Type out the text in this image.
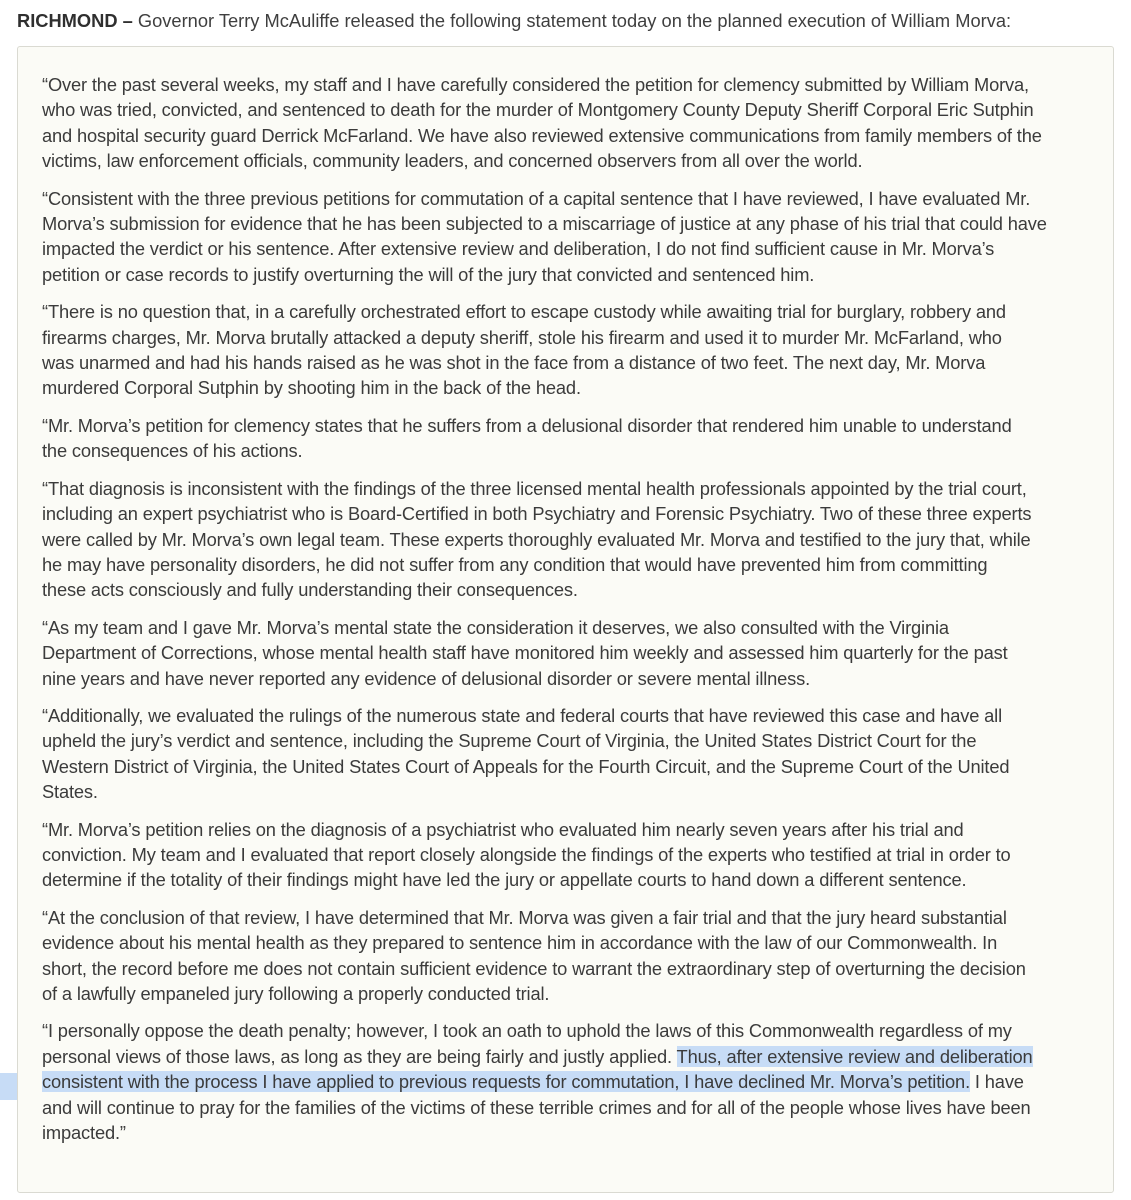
RICHMOND – Governor Terry McAuliffe released the following statement today on the planned execution of William Morva:

“Over the past several weeks, my staff and I have carefully considered the petition for clemency submitted by William Morva,
who was tried, convicted, and sentenced to death for the murder of Montgomery County Deputy Sheriff Corporal Eric Sutphin
and hospital security guard Derrick McFarland. We have also reviewed extensive communications from family members of the
victims, law enforcement officials, community leaders, and concerned observers from all over the world.

“Consistent with the three previous petitions for commutation of a capital sentence that I have reviewed, I have evaluated Mr.
Morva’s submission for evidence that he has been subjected to a miscarriage of justice at any phase of his trial that could have
impacted the verdict or his sentence. After extensive review and deliberation, I do not find sufficient cause in Mr. Morva’s
petition or case records to justify overturning the will of the jury that convicted and sentenced him.

“There is no question that, in a carefully orchestrated effort to escape custody while awaiting trial for burglary, robbery and
firearms charges, Mr. Morva brutally attacked a deputy sheriff, stole his firearm and used it to murder Mr. McFarland, who
was unarmed and had his hands raised as he was shot in the face from a distance of two feet. The next day, Mr. Morva
murdered Corporal Sutphin by shooting him in the back of the head.

“Mr. Morva’s petition for clemency states that he suffers from a delusional disorder that rendered him unable to understand
the consequences of his actions.

“That diagnosis is inconsistent with the findings of the three licensed mental health professionals appointed by the trial court,
including an expert psychiatrist who is Board-Certified in both Psychiatry and Forensic Psychiatry. Two of these three experts
were called by Mr. Morva’s own legal team. These experts thoroughly evaluated Mr. Morva and testified to the jury that, while
he may have personality disorders, he did not suffer from any condition that would have prevented him from committing
these acts consciously and fully understanding their consequences.

“As my team and I gave Mr. Morva’s mental state the consideration it deserves, we also consulted with the Virginia
Department of Corrections, whose mental health staff have monitored him weekly and assessed him quarterly for the past
nine years and have never reported any evidence of delusional disorder or severe mental illness.

“Additionally, we evaluated the rulings of the numerous state and federal courts that have reviewed this case and have all
upheld the jury’s verdict and sentence, including the Supreme Court of Virginia, the United States District Court for the
Western District of Virginia, the United States Court of Appeals for the Fourth Circuit, and the Supreme Court of the United
States.

“Mr. Morva’s petition relies on the diagnosis of a psychiatrist who evaluated him nearly seven years after his trial and
conviction. My team and I evaluated that report closely alongside the findings of the experts who testified at trial in order to
determine if the totality of their findings might have led the jury or appellate courts to hand down a different sentence.

“At the conclusion of that review, I have determined that Mr. Morva was given a fair trial and that the jury heard substantial
evidence about his mental health as they prepared to sentence him in accordance with the law of our Commonwealth. In
short, the record before me does not contain sufficient evidence to warrant the extraordinary step of overturning the decision
of a lawfully empaneled jury following a properly conducted trial.

“I personally oppose the death penalty; however, I took an oath to uphold the laws of this Commonwealth regardless of my
personal views of those laws, as long as they are being fairly and justly applied. Thus, after extensive review and deliberation
consistent with the process I have applied to previous requests for commutation, I have declined Mr. Morva’s petition. I have
and will continue to pray for the families of the victims of these terrible crimes and for all of the people whose lives have been
impacted.”
